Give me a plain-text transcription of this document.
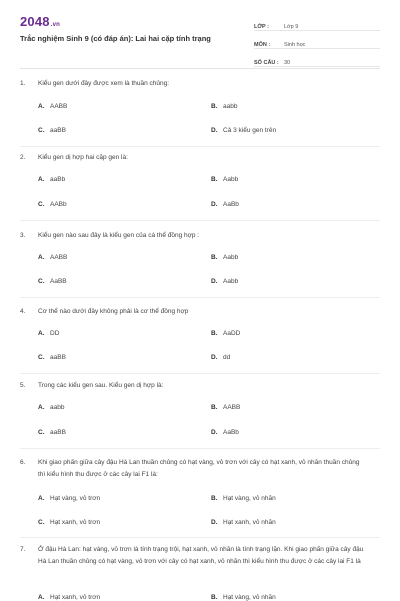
2048.vn
Trắc nghiệm Sinh 9 (có đáp án): Lai hai cặp tính trạng
LỚP :	Lớp 9
MÔN :	Sinh học
SỐ CÂU : 30
1.	Kiểu gen dưới đây được xem là thuần chủng:
A. AABB	B. aabb
C. aaBB	D. Cả 3 kiểu gen trên
2.	Kiểu gen dị hợp hai cặp gen là:
A. aaBb	B. Aabb
C. AABb	D. AaBb
3.	Kiểu gen nào sau đây là kiểu gen của cá thể đồng hợp :
A. AABB	B. Aabb
C. AaBB	D. Aabb
4.	Cơ thể nào dưới đây không phải là cơ thể đồng hợp
A. DD	B. AaDD
C. aaBB	D. dd
5.	Trong các kiểu gen sau. Kiểu gen dị hợp là:
A. aabb	B. AABB
C. aaBB	D. AaBb
6.	Khi giao phấn giữa cây đậu Hà Lan thuần chủng có hạt vàng, vỏ trơn với cây có hạt xanh, vỏ nhăn thuần chủng thì kiểu hình thu được ở các cây lai F1 là:
A. Hạt vàng, vỏ trơn	B. Hạt vàng, vỏ nhăn
C. Hạt xanh, vỏ trơn	D. Hạt xanh, vỏ nhăn
7.	Ở đậu Hà Lan: hạt vàng, vỏ trơn là tính trạng trội, hạt xanh, vỏ nhăn là tính trạng lặn. Khi giao phấn giữa cây đậu Hà Lan thuần chủng có hạt vàng, vỏ trơn với cây có hạt xanh, vỏ nhăn thì kiểu hình thu được ở các cây lai F1 là
A. Hạt xanh, vỏ trơn	B. Hạt vàng, vỏ nhăn
